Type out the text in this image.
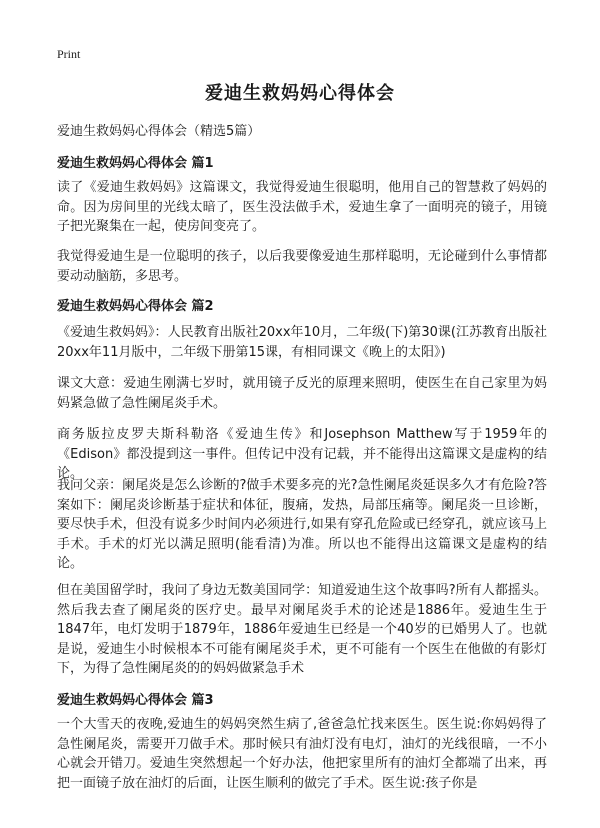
Print
爱迪生救妈妈心得体会
爱迪生救妈妈心得体会（精选5篇）
爱迪生救妈妈心得体会 篇1

读了《爱迪生救妈妈》这篇课文，我觉得爱迪生很聪明，他用自己的智慧救了妈妈的命。因为房间里的光线太暗了，医生没法做手术，爱迪生拿了一面明亮的镜子，用镜子把光聚集在一起，使房间变亮了。

我觉得爱迪生是一位聪明的孩子，以后我要像爱迪生那样聪明，无论碰到什么事情都要动动脑筋，多思考。

爱迪生救妈妈心得体会 篇2

《爱迪生救妈妈》：人民教育出版社20xx年10月，二年级(下)第30课(江苏教育出版社20xx年11月版中，二年级下册第15课，有相同课文《晚上的太阳》)

课文大意：爱迪生刚满七岁时，就用镜子反光的原理来照明，使医生在自己家里为妈妈紧急做了急性阑尾炎手术。

商务版拉皮罗夫斯科勒洛《爱迪生传》和Josephson Matthew写于1959年的《Edison》都没提到这一事件。但传记中没有记载，并不能得出这篇课文是虚构的结论。

我问父亲：阑尾炎是怎么诊断的?做手术要多亮的光?急性阑尾炎延误多久才有危险?答案如下：阑尾炎诊断基于症状和体征，腹痛，发热，局部压痛等。阑尾炎一旦诊断，要尽快手术，但没有说多少时间内必须进行,如果有穿孔危险或已经穿孔，就应该马上手术。手术的灯光以满足照明(能看清)为准。所以也不能得出这篇课文是虚构的结论。

但在美国留学时，我问了身边无数美国同学：知道爱迪生这个故事吗?所有人都摇头。然后我去查了阑尾炎的医疗史。最早对阑尾炎手术的论述是1886年。爱迪生生于1847年，电灯发明于1879年，1886年爱迪生已经是一个40岁的已婚男人了。也就是说，爱迪生小时候根本不可能有阑尾炎手术，更不可能有一个医生在他做的有影灯下，为得了急性阑尾炎的的妈妈做紧急手术

爱迪生救妈妈心得体会 篇3

一个大雪天的夜晚,爱迪生的妈妈突然生病了,爸爸急忙找来医生。医生说:你妈妈得了急性阑尾炎，需要开刀做手术。那时候只有油灯没有电灯，油灯的光线很暗，一不小心就会开错刀。爱迪生突然想起一个好办法，他把家里所有的油灯全都端了出来，再把一面镜子放在油灯的后面，让医生顺利的做完了手术。医生说:孩子你是
